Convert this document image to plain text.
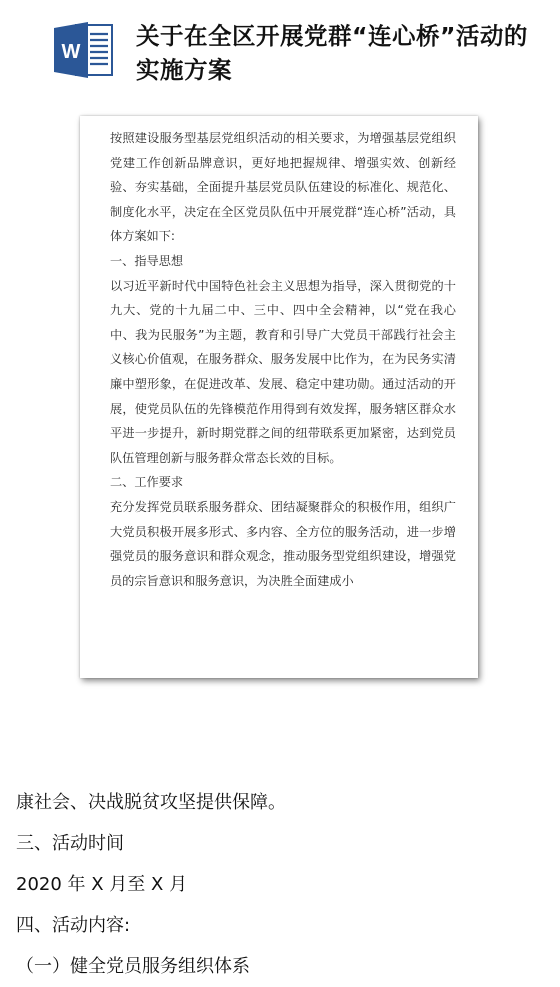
W
关于在全区开展党群“连心桥”活动的实施方案

按照建设服务型基层党组织活动的相关要求，为增强基层党组织党建工作创新品牌意识，更好地把握规律、增强实效、创新经验、夯实基础，全面提升基层党员队伍建设的标准化、规范化、制度化水平，决定在全区党员队伍中开展党群“连心桥”活动，具体方案如下:

一、指导思想

以习近平新时代中国特色社会主义思想为指导，深入贯彻党的十九大、党的十九届二中、三中、四中全会精神，以“党在我心中、我为民服务”为主题，教育和引导广大党员干部践行社会主义核心价值观，在服务群众、服务发展中比作为，在为民务实清廉中塑形象，在促进改革、发展、稳定中建功勋。通过活动的开展，使党员队伍的先锋模范作用得到有效发挥，服务辖区群众水平进一步提升，新时期党群之间的纽带联系更加紧密，达到党员队伍管理创新与服务群众常态长效的目标。

二、工作要求

充分发挥党员联系服务群众、团结凝聚群众的积极作用，组织广大党员积极开展多形式、多内容、全方位的服务活动，进一步增强党员的服务意识和群众观念，推动服务型党组织建设，增强党员的宗旨意识和服务意识，为决胜全面建成小

康社会、决战脱贫攻坚提供保障。

三、活动时间

2020 年 X 月至 X 月

四、活动内容:

（一）健全党员服务组织体系
